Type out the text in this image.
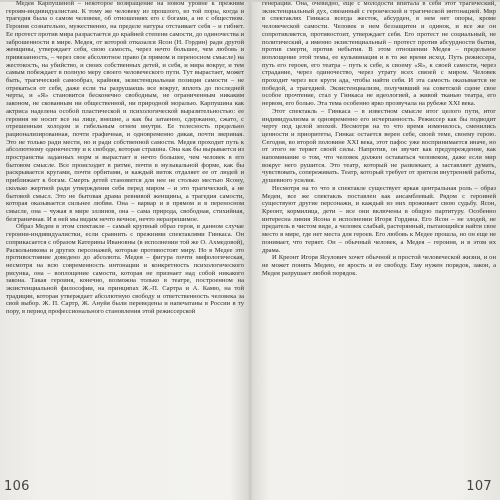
Медея Карпушиной – некоторое возвращение на новом уровне к прежним героям-индивидуалистам. К тому же человеку из прошлого, из той поры, когда и трагедия была о самом человеке, об отношениях его с богами, а не с обществом. Героиня сознательно, мужественно, на пределе натуры отстаивает себя – и гибнет. Ее протест против мира разрастается до крайней степени самости, до одиночества и заброшенности в мире. Медея, от которой отказался Ясон (Н. Гордин) ради другой женщины, утверждает себя, свою самость, через нечто большее, чем любовь и привязанность, – через свое абсолютное право (в прямом и переносном смысле) на жестокость, на убийство, и своих собственных детей, и себя, и мира вокруг, и тем самым побеждает в полную меру своего человеческого пути. Тут вырастает, может быть, трагический самообраз, крайняя, экзистенциальная позиция самости – не отрекаться от себя, даже если ты разрушаешь все вокруг, вплоть до последней черты, и «Я» становится бесконечно свободным, не ограниченным никаким законом, не скованным ни общественной, ни природной моралью. Карпушина как актриса наделена особой пластической и психологической выразительностью: ее героиня не носит все на лице, внешне, а как бы затаенно, сдержанно, сжато, с отрешенным холодом и гибельным огнем внутри. Ее телесность предельно рационализированная, почти графичная, и одновременно дикая, почти звериная. Это не только ради мести, но и ради собственной самости. Медея проходит путь к абсолютному одиночеству и к свободе, которая страшна. Она как бы вырывается из пространства заданных норм и вырастает в нечто большее, чем человек в его бытовом смысле. Все происходит в ритме, почти в музыкальной форме, как бы раскрывается кругами, почти орбитами, и каждый виток отдаляет ее от людей и приближает к богам. Смерть детей становится для нее не столько местью Ясону, сколько жертвой ради утверждения себя перед миром – и это трагический, а не бытовой смысл. Это не бытовая драма ревнивой женщины, а трагедия самости, которая оказывается сильнее любви. Она – варвар и в прямом и в переносном смысле, она – чужая в мире эллинов, она – сама природа, свободная, стихийная, безграничная. И в ней мы видим нечто вечное, нечто неразрешимое.

Образ Медеи в этом спектакле – самый крупный образ героя, в данном случае героини-индивидуалистки, если сравнить с прежними спектаклями Гинкаса. Он соприкасается с образом Катерины Ивановны (в исполнении той же О. Ахмедовой), Раскольникова и других персонажей, которые противостоят миру. Но в Медее это противостояние доведено до абсолюта. Медея – фигура почти мифологическая, несмотря на всю современность интонации и конкретность психологического рисунка, она – воплощение самости, которая не признает над собой никакого закона. Такая героиня, конечно, возможна только в театре, построенном на экзистенциальной философии, на принципах Ж.-П. Сартра и А. Камю, на той традиции, которая утверждает абсолютную свободу и ответственность человека за свой выбор. Ж. П. Сартр, Ж. Ануйя были переведены и напечатаны в России в ту пору, в период профессионального становления этой режиссерской

106

генерации. Она, очевидно, еще с молодости впитала в себя этот трагический, экзистенциальный дух, связанный с героической и трагической интонацией. Мир в спектаклях Гинкаса всегда жесток, абсурден, в нем нет опоры, кроме человеческой самости. Человек в нем беззащитен и одинок, и все же он сопротивляется, противостоит, утверждает себя. Его протест не социальный, не политический, а именно экзистенциальный – протест против абсурдности бытия, против смерти, против небытия. В этом отношении Медея – предельное воплощение этой темы, ее кульминация и в то же время исход. Путь режиссера, путь его героев, его театра – путь к себе, к своему «Я», к своей самости, через страдание, через одиночество, через утрату всех связей с миром. Человек проходит через все круги ада, чтобы найти себя. И эта самость оказывается не победой, а трагедией. Экзистенциализм, получивший на советской сцене свое особое прочтение, стал у Гинкаса не идеологией, а живой тканью театра, его нервом, его болью. Эта тема особенно ярко прозвучала на рубеже XXI века.

Этот спектакль – Гинкаса – в известном смысле итог целого пути, итог индивидуализма и одновременно его исчерпанность. Режиссер как бы подводит черту под целой эпохой. Несмотря на то что время изменилось, сменились ценности и приоритеты, Гинкас остается верен себе, своей теме, своему герою. Сегодня, во второй половине XXI века, этот пафос уже воспринимается иначе, но от этого не теряет своей силы. Напротив, он звучит как предупреждение, как напоминание о том, что человек должен оставаться человеком, даже если мир вокруг него рушится. Это театр, который не развлекает, а заставляет думать, чувствовать, сопереживать. Театр, который требует от зрителя внутренней работы, душевного усилия.

Несмотря на то что в спектакле существует яркая центральная роль – образ Медеи, все же спектакль поставлен как ансамблевый. Рядом с героиней существуют другие персонажи, и каждый из них проживает свою судьбу. Ясон, Креонт, кормилица, дети – все они включены в общую партитуру. Особенно интересна линия Ясона в исполнении Игоря Гордина. Его Ясон – не злодей, не предатель в чистом виде, а человек слабый, растерянный, пытающийся найти свое место в мире, где нет места для героев. Его любовь к Медее прошла, но он еще не понимает, что теряет. Он – обычный человек, а Медея – героиня, и в этом их драма.

И Креонт Игоря Ясулович хочет обычной и простой человеческой жизни, и он не может понять Медею, ее ярость и ее свободу. Ему нужен порядок, закон, а Медея разрушает любой порядок.

107
